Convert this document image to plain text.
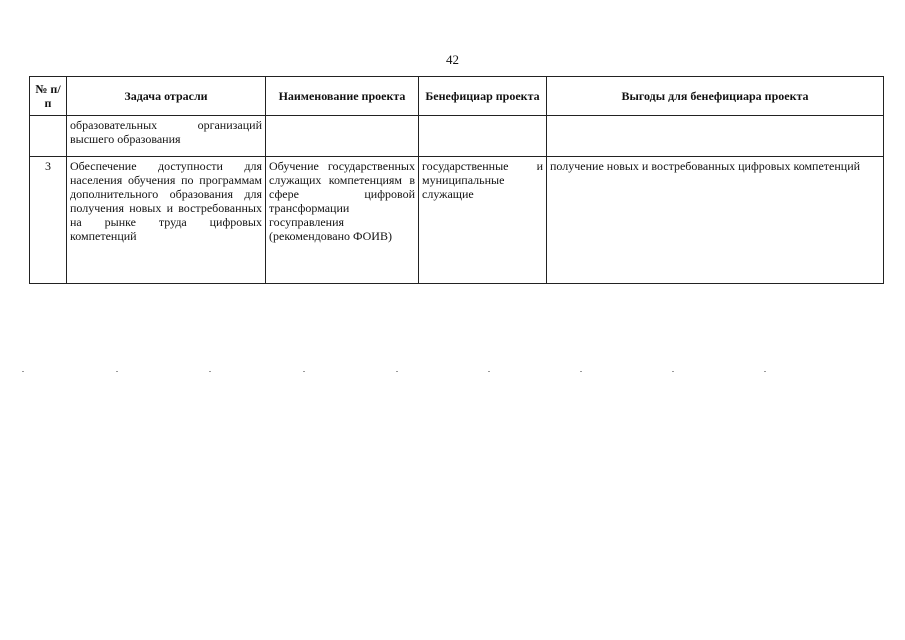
42
№ п/п	Задача отрасли	Наименование проекта	Бенефициар проекта	Выгоды для бенефициара проекта
	образовательных организаций высшего образования			
3	Обеспечение доступности для населения обучения по программам дополнительного образования для получения новых и востребованных на рынке труда цифровых компетенций	Обучение государственных служащих компетенциям в сфере цифровой трансформации госуправления (рекомендовано ФОИВ)	государственные и муниципальные служащие	получение новых и востребованных цифровых компетенций
